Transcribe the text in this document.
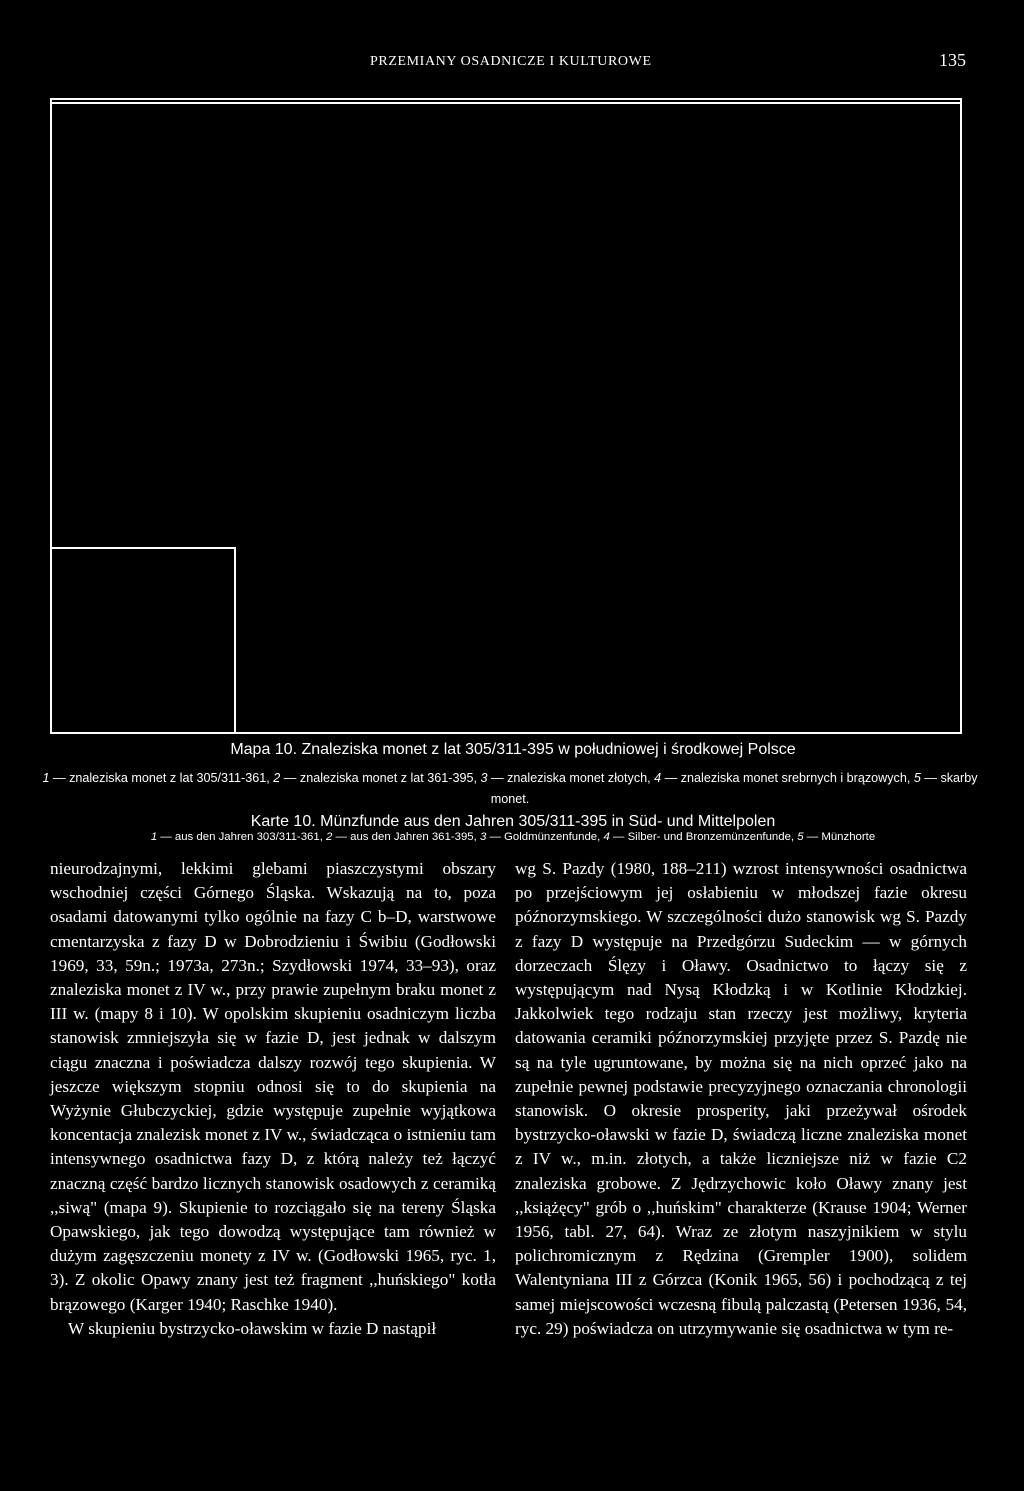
PRZEMIANY OSADNICZE I KULTUROWE	135
Mapa 10. Znaleziska monet z lat 305/311-395 w południowej i środkowej Polsce
1 — znaleziska monet z lat 305/311-361, 2 — znaleziska monet z lat 361-395, 3 — znaleziska monet złotych, 4 — znaleziska monet srebrnych i brązowych, 5 — skarby monet.
Karte 10. Münzfunde aus den Jahren 305/311-395 in Süd- und Mittelpolen
1 — aus den Jahren 303/311-361, 2 — aus den Jahren 361-395, 3 — Goldmünzenfunde, 4 — Silber- und Bronzemünzenfunde, 5 — Münzhorte

nieurodzajnymi, lekkimi glebami piaszczystymi obszary wschodniej części Górnego Śląska. Wskazują na to, poza osadami datowanymi tylko ogólnie na fazy C b–D, warstwowe cmentarzyska z fazy D w Dobrodzieniu i Świbiu (Godłowski 1969, 33, 59n.; 1973a, 273n.; Szydłowski 1974, 33–93), oraz znaleziska monet z IV w., przy prawie zupełnym braku monet z III w. (mapy 8 i 10). W opolskim skupieniu osadniczym liczba stanowisk zmniejszyła się w fazie D, jest jednak w dalszym ciągu znaczna i poświadcza dalszy rozwój tego skupienia. W jeszcze większym stopniu odnosi się to do skupienia na Wyżynie Głubczyckiej, gdzie występuje zupełnie wyjątkowa koncentacja znalezisk monet z IV w., świadcząca o istnieniu tam intensywnego osadnictwa fazy D, z którą należy też łączyć znaczną część bardzo licznych stanowisk osadowych z ceramiką ,,siwą" (mapa 9). Skupienie to rozciągało się na tereny Śląska Opawskiego, jak tego dowodzą występujące tam również w dużym zagęszczeniu monety z IV w. (Godłowski 1965, ryc. 1, 3). Z okolic Opawy znany jest też fragment ,,huńskiego" kotła brązowego (Karger 1940; Raschke 1940).

W skupieniu bystrzycko-oławskim w fazie D nastąpił

wg S. Pazdy (1980, 188–211) wzrost intensywności osadnictwa po przejściowym jej osłabieniu w młodszej fazie okresu późnorzymskiego. W szczególności dużo stanowisk wg S. Pazdy z fazy D występuje na Przedgórzu Sudeckim — w górnych dorzeczach Ślęzy i Oławy. Osadnictwo to łączy się z występującym nad Nysą Kłodzką i w Kotlinie Kłodzkiej. Jakkolwiek tego rodzaju stan rzeczy jest możliwy, kryteria datowania ceramiki późnorzymskiej przyjęte przez S. Pazdę nie są na tyle ugruntowane, by można się na nich oprzeć jako na zupełnie pewnej podstawie precyzyjnego oznaczania chronologii stanowisk. O okresie prosperity, jaki przeżywał ośrodek bystrzycko-oławski w fazie D, świadczą liczne znaleziska monet z IV w., m.in. złotych, a także liczniejsze niż w fazie C2 znaleziska grobowe. Z Jędrzychowic koło Oławy znany jest ,,książęcy" grób o ,,huńskim" charakterze (Krause 1904; Werner 1956, tabl. 27, 64). Wraz ze złotym naszyjnikiem w stylu polichromicznym z Rędzina (Grempler 1900), solidem Walentyniana III z Górzca (Konik 1965, 56) i pochodzącą z tej samej miejscowości wczesną fibulą palczastą (Petersen 1936, 54, ryc. 29) poświadcza on utrzymywanie się osadnictwa w tym re-
